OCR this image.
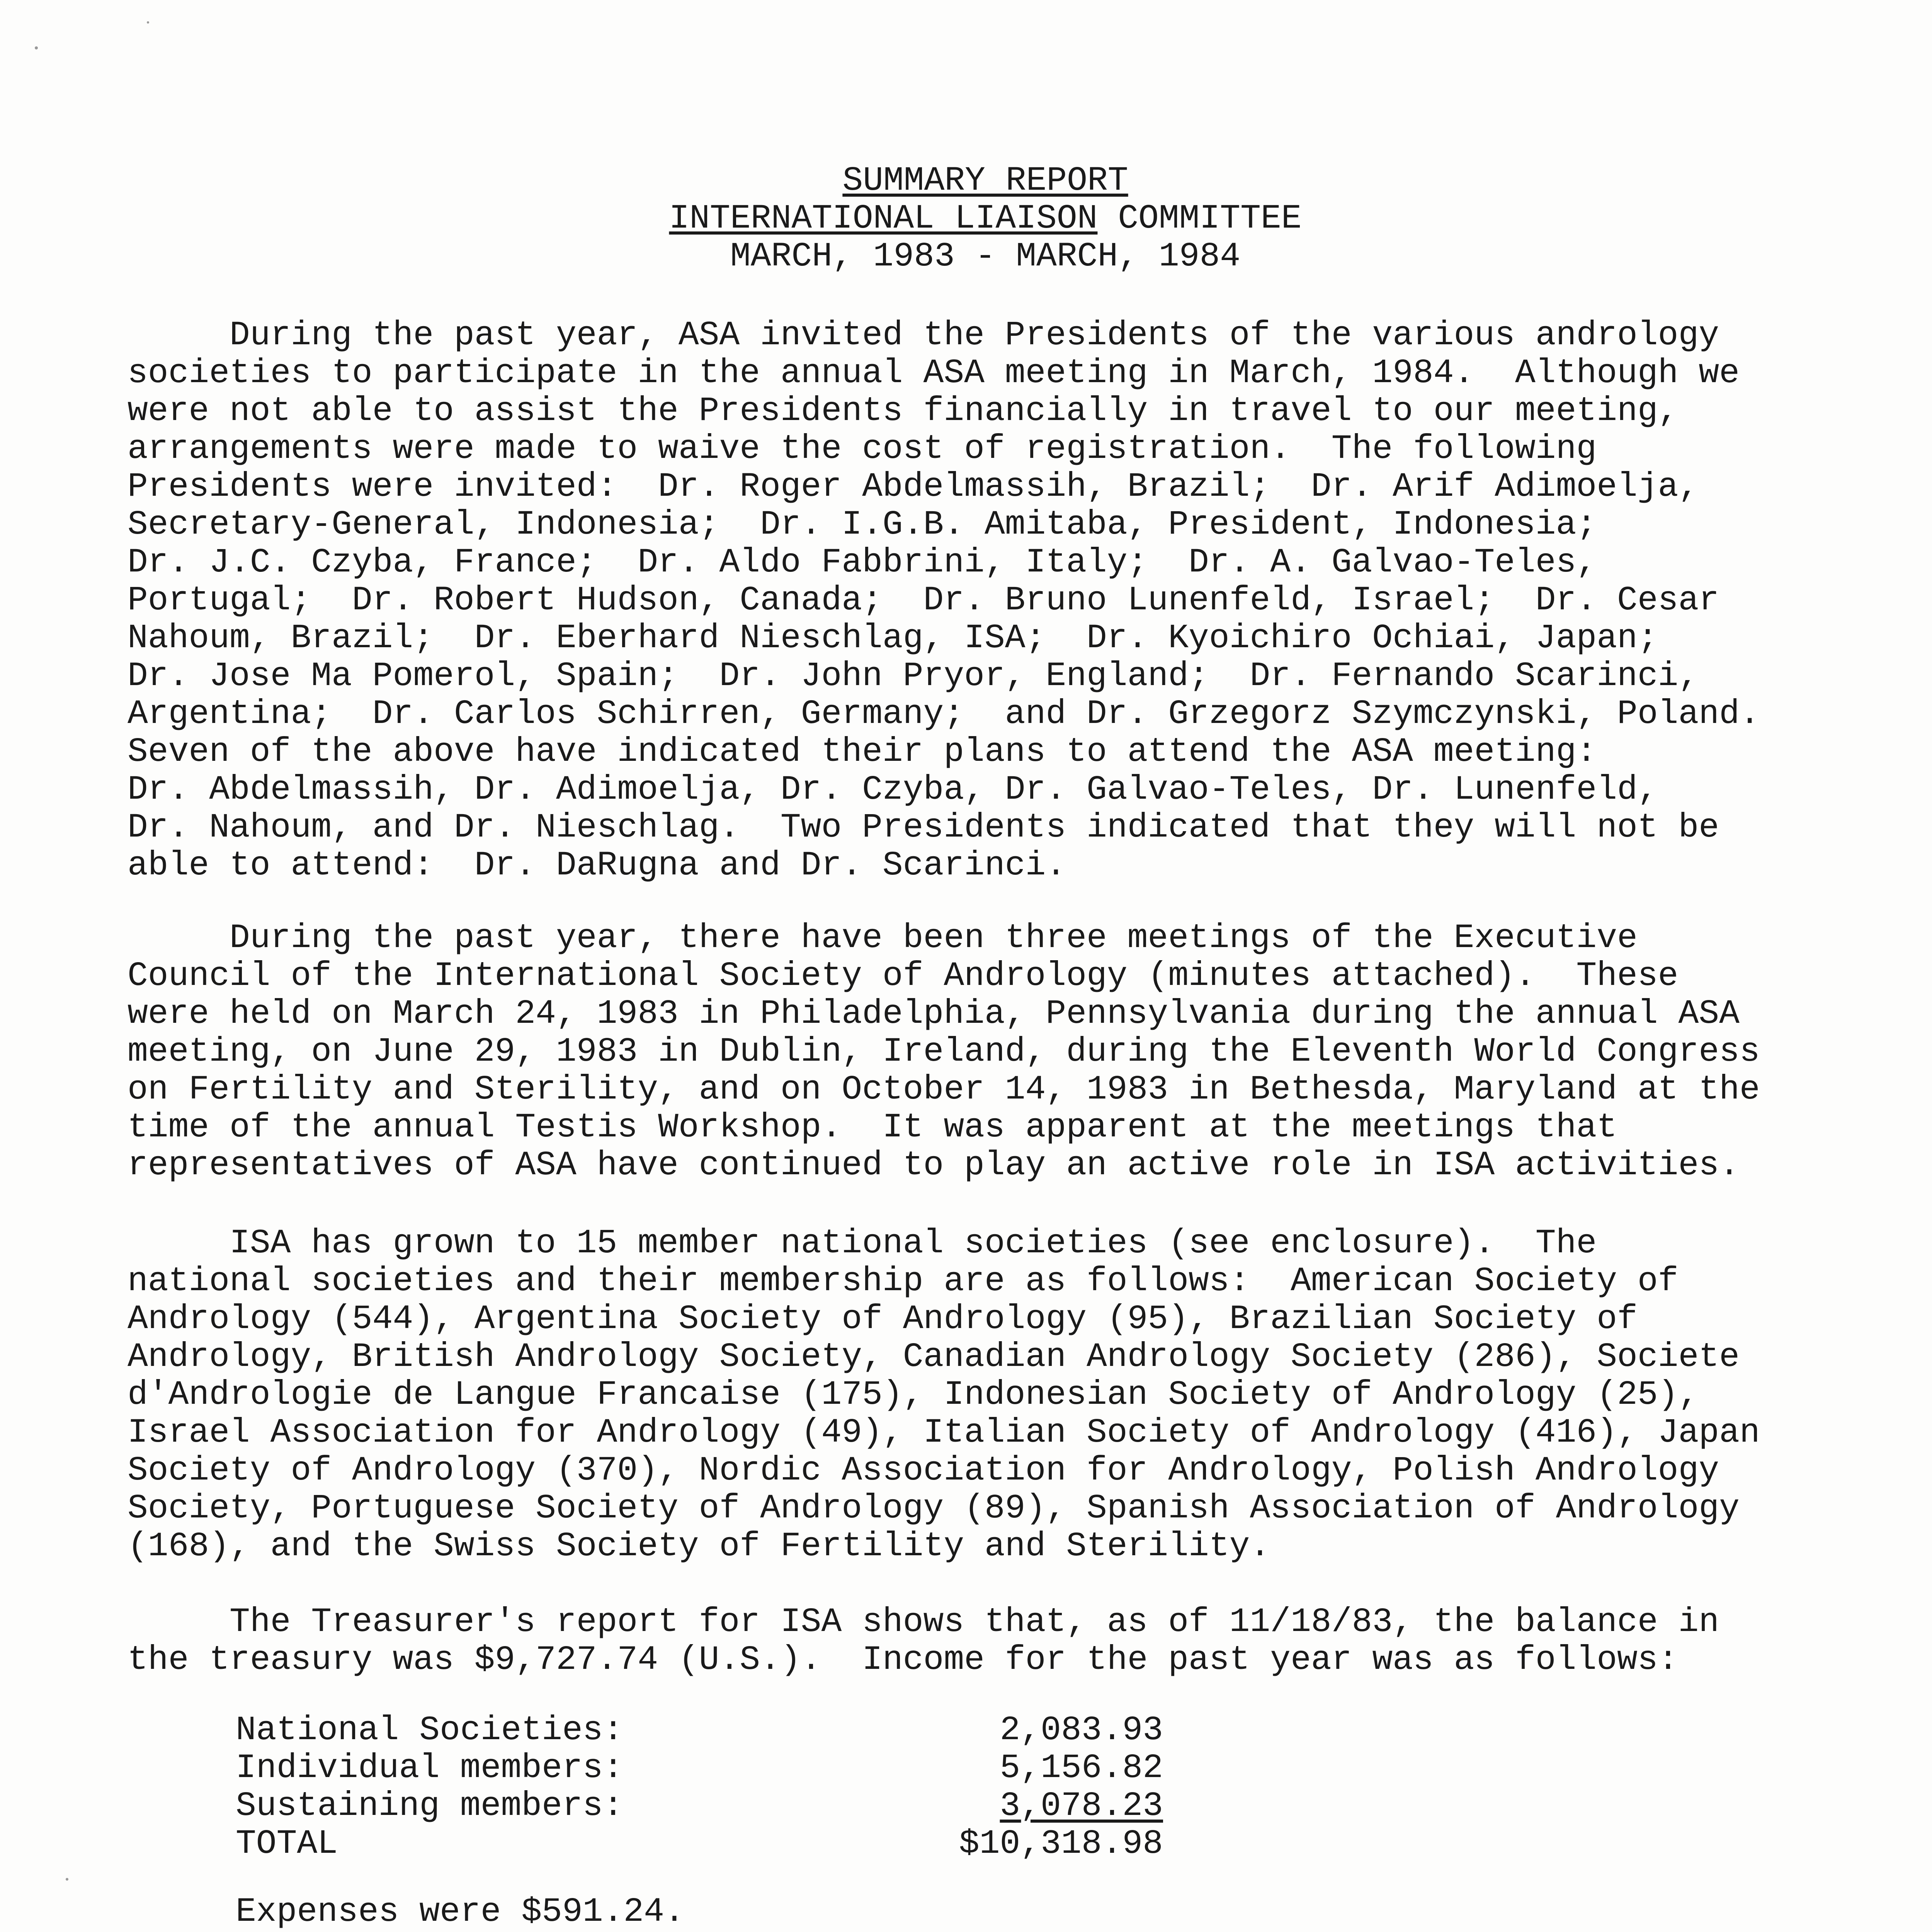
SUMMARY REPORT
INTERNATIONAL LIAISON COMMITTEE
MARCH, 1983 - MARCH, 1984
During the past year, ASA invited the Presidents of the various andrology
societies to participate in the annual ASA meeting in March, 1984.  Although we
were not able to assist the Presidents financially in travel to our meeting,
arrangements were made to waive the cost of registration.  The following
Presidents were invited:  Dr. Roger Abdelmassih, Brazil;  Dr. Arif Adimoelja,
Secretary-General, Indonesia;  Dr. I.G.B. Amitaba, President, Indonesia;
Dr. J.C. Czyba, France;  Dr. Aldo Fabbrini, Italy;  Dr. A. Galvao-Teles,
Portugal;  Dr. Robert Hudson, Canada;  Dr. Bruno Lunenfeld, Israel;  Dr. Cesar
Nahoum, Brazil;  Dr. Eberhard Nieschlag, ISA;  Dr. Kyoichiro Ochiai, Japan;
Dr. Jose Ma Pomerol, Spain;  Dr. John Pryor, England;  Dr. Fernando Scarinci,
Argentina;  Dr. Carlos Schirren, Germany;  and Dr. Grzegorz Szymczynski, Poland.
Seven of the above have indicated their plans to attend the ASA meeting:
Dr. Abdelmassih, Dr. Adimoelja, Dr. Czyba, Dr. Galvao-Teles, Dr. Lunenfeld,
Dr. Nahoum, and Dr. Nieschlag.  Two Presidents indicated that they will not be
able to attend:  Dr. DaRugna and Dr. Scarinci.
During the past year, there have been three meetings of the Executive
Council of the International Society of Andrology (minutes attached).  These
were held on March 24, 1983 in Philadelphia, Pennsylvania during the annual ASA
meeting, on June 29, 1983 in Dublin, Ireland, during the Eleventh World Congress
on Fertility and Sterility, and on October 14, 1983 in Bethesda, Maryland at the
time of the annual Testis Workshop.  It was apparent at the meetings that
representatives of ASA have continued to play an active role in ISA activities.
ISA has grown to 15 member national societies (see enclosure).  The
national societies and their membership are as follows:  American Society of
Andrology (544), Argentina Society of Andrology (95), Brazilian Society of
Andrology, British Andrology Society, Canadian Andrology Society (286), Societe
d'Andrologie de Langue Francaise (175), Indonesian Society of Andrology (25),
Israel Association for Andrology (49), Italian Society of Andrology (416), Japan
Society of Andrology (370), Nordic Association for Andrology, Polish Andrology
Society, Portuguese Society of Andrology (89), Spanish Association of Andrology
(168), and the Swiss Society of Fertility and Sterility.
The Treasurer's report for ISA shows that, as of 11/18/83, the balance in
the treasury was $9,727.74 (U.S.).  Income for the past year was as follows:
National Societies:	2,083.93
Individual members:	5,156.82
Sustaining members:	3,078.23
TOTAL	$10,318.98
Expenses were $591.24.
